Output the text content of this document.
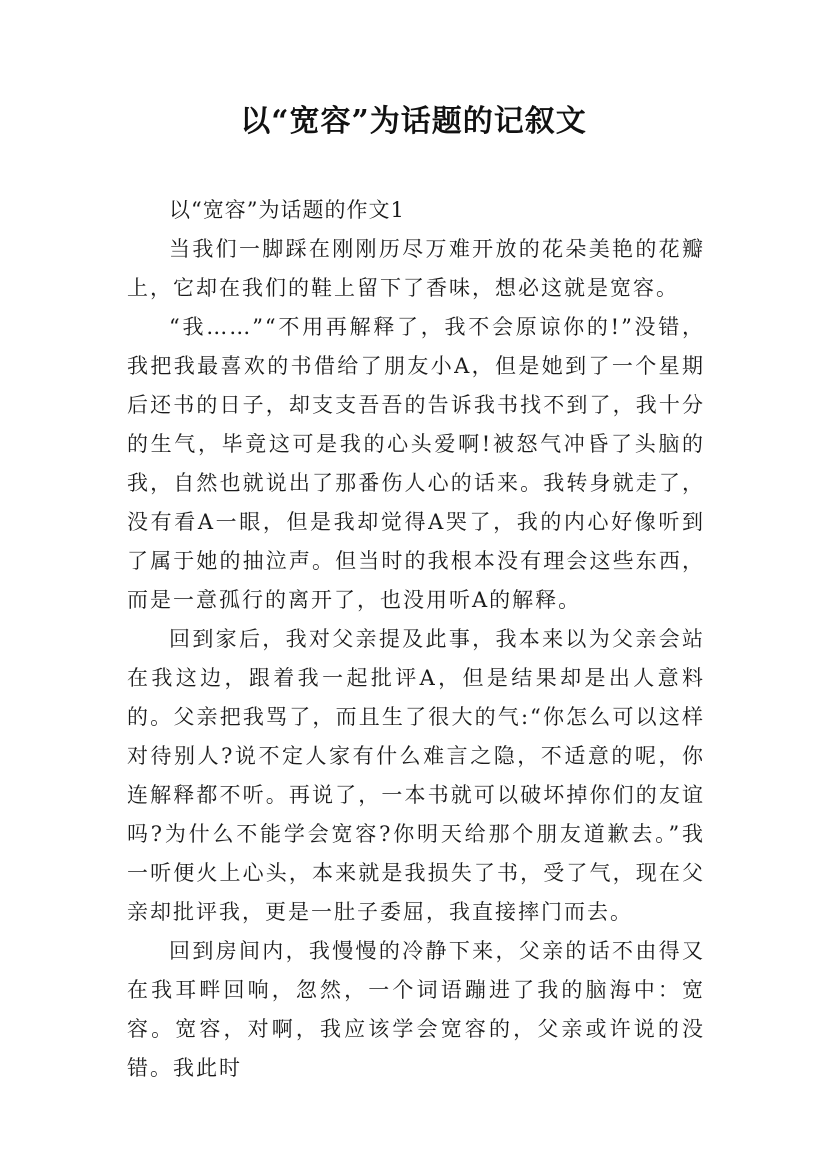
以“宽容”为话题的记叙文

以“宽容”为话题的作文1

当我们一脚踩在刚刚历尽万难开放的花朵美艳的花瓣上，它却在我们的鞋上留下了香味，想必这就是宽容。

“我……”“不用再解释了，我不会原谅你的!”没错，我把我最喜欢的书借给了朋友小A，但是她到了一个星期后还书的日子，却支支吾吾的告诉我书找不到了，我十分的生气，毕竟这可是我的心头爱啊!被怒气冲昏了头脑的我，自然也就说出了那番伤人心的话来。我转身就走了，没有看A一眼，但是我却觉得A哭了，我的内心好像听到了属于她的抽泣声。但当时的我根本没有理会这些东西，而是一意孤行的离开了，也没用听A的解释。

回到家后，我对父亲提及此事，我本来以为父亲会站在我这边，跟着我一起批评A，但是结果却是出人意料的。父亲把我骂了，而且生了很大的气:“你怎么可以这样对待别人?说不定人家有什么难言之隐，不适意的呢，你连解释都不听。再说了，一本书就可以破坏掉你们的友谊吗?为什么不能学会宽容?你明天给那个朋友道歉去。”我一听便火上心头，本来就是我损失了书，受了气，现在父亲却批评我，更是一肚子委屈，我直接摔门而去。

回到房间内，我慢慢的冷静下来，父亲的话不由得又在我耳畔回响，忽然，一个词语蹦进了我的脑海中：宽容。宽容，对啊，我应该学会宽容的，父亲或许说的没错。我此时
